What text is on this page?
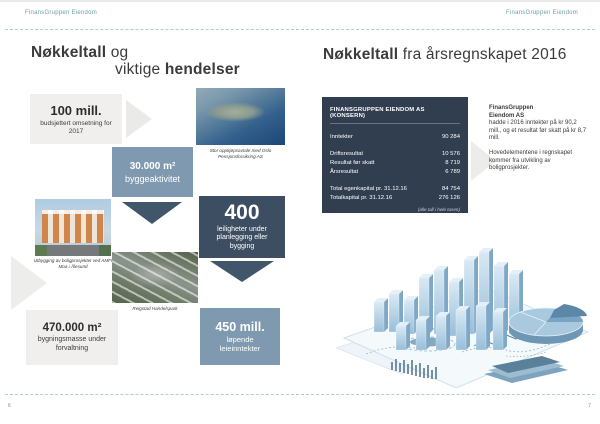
FinansGruppen Eiendom	FinansGruppen Eiendom
Nøkkeltall og
viktige hendelser
100 mill.
budsjettert omsetning for 2017
Stor oppkjøpsavtale med Oslo Pensjonsforsikring AS
30.000 m²
byggeaktivitet
Utbygging av boligprosjektet ved AMFI Moa i Ålesund
400
leiligheter under planlegging eller bygging
Reigstad Handelspark
470.000 m²
bygningsmasse under forvaltning
450 mill.
løpende leieinntekter
Nøkkeltall fra årsregnskapet 2016
FINANSGRUPPEN EIENDOM AS (KONSERN)
Inntekter	90 284
Driftsresultat	10 576
Resultat før skatt	8 719
Årsresultat	6 789
Total egenkapital pr. 31.12.16	84 754
Totalkapital pr. 31.12.16	276 126
(alle tall i hele tusen)
FinansGruppen
Eiendom AS
hadde i 2016 inntekter på kr 90,2 mill., og et resultat før skatt på kr 8,7 mill.
Hovedelementene i regnskapet kommer fra utvikling av boligprosjekter.
6	7
